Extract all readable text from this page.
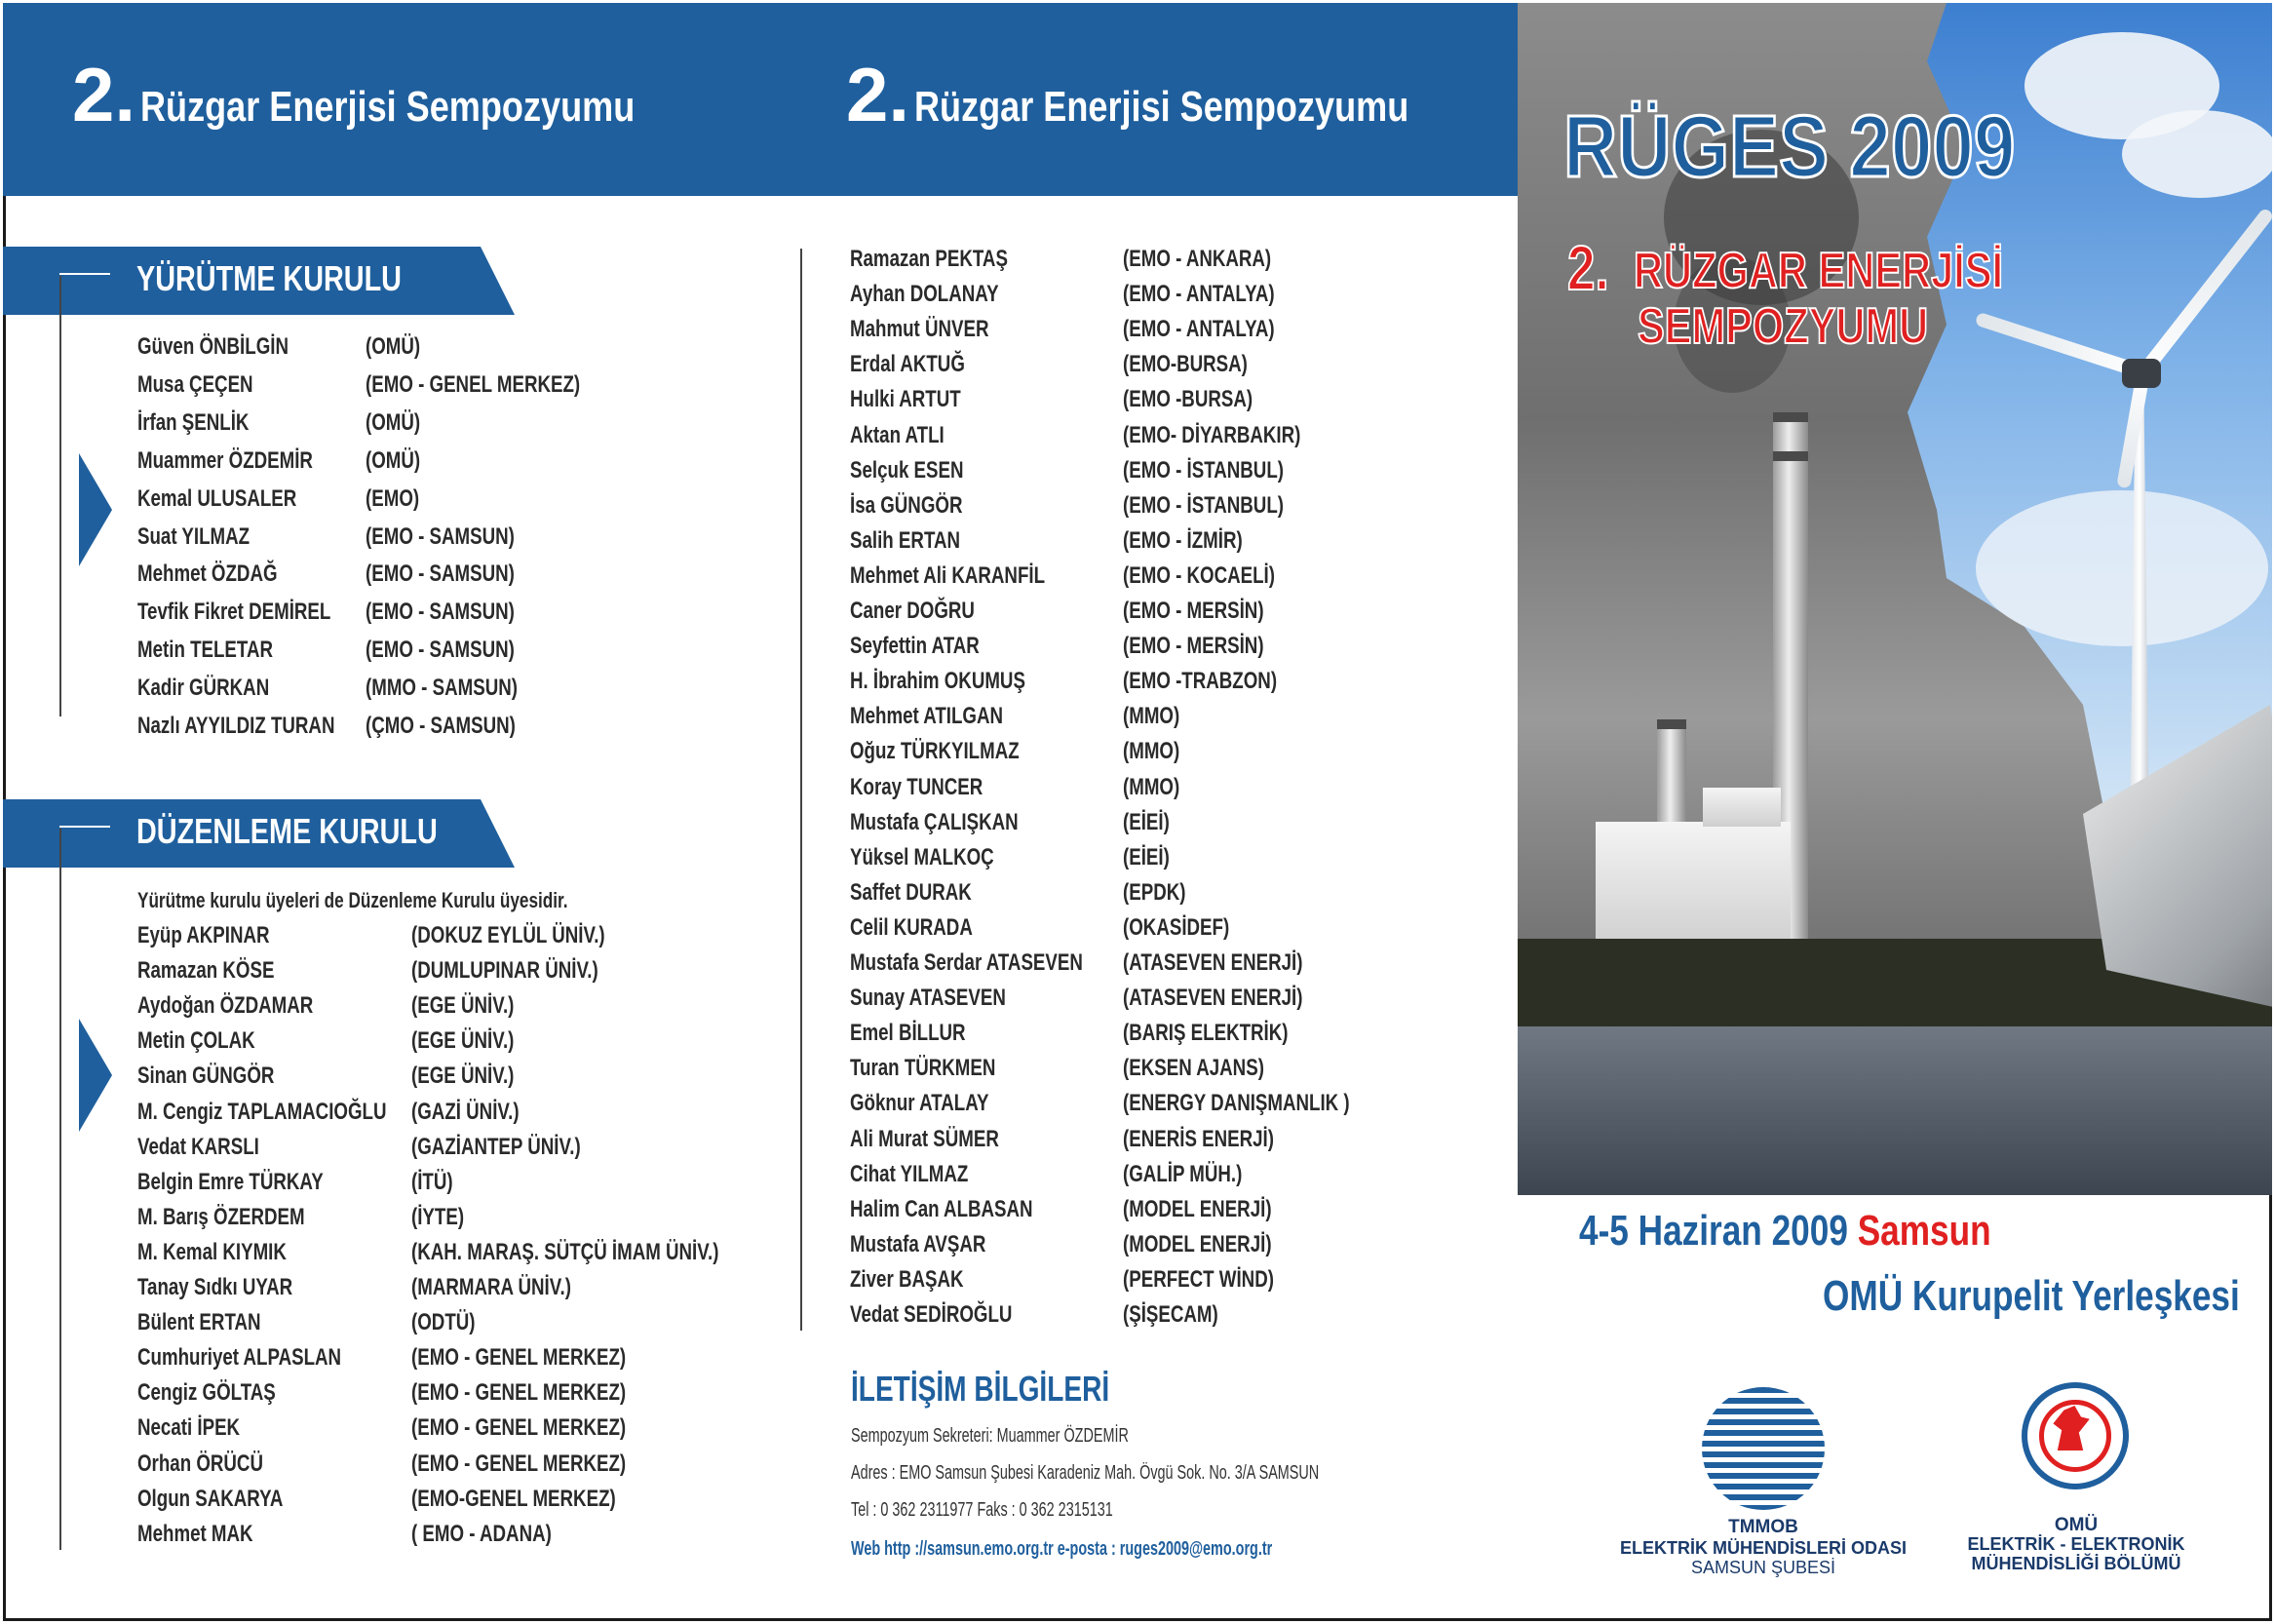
2. Rüzgar Enerjisi Sempozyumu	2. Rüzgar Enerjisi Sempozyumu
YÜRÜTME KURULU
Güven ÖNBİLGİN	(OMÜ)
Musa ÇEÇEN	(EMO - GENEL MERKEZ)
İrfan ŞENLİK	(OMÜ)
Muammer ÖZDEMİR (OMÜ)
Kemal ULUSALER	(EMO)
Suat YILMAZ	(EMO - SAMSUN)
Mehmet ÖZDAĞ	(EMO - SAMSUN)
Tevfik Fikret DEMİREL (EMO - SAMSUN)
Metin TELETAR	(EMO - SAMSUN)
Kadir GÜRKAN	(MMO - SAMSUN)
Nazlı AYYILDIZ TURAN (ÇMO - SAMSUN)
DÜZENLEME KURULU
Yürütme kurulu üyeleri de Düzenleme Kurulu üyesidir.
Eyüp AKPINAR	(DOKUZ EYLÜL ÜNİV.)
Ramazan KÖSE	(DUMLUPINAR ÜNİV.)
Aydoğan ÖZDAMAR	(EGE ÜNİV.)
Metin ÇOLAK	(EGE ÜNİV.)
Sinan GÜNGÖR	(EGE ÜNİV.)
M. Cengiz TAPLAMACIOĞLU (GAZİ ÜNİV.)
Vedat KARSLI	(GAZİANTEP ÜNİV.)
Belgin Emre TÜRKAY	(İTÜ)
M. Barış ÖZERDEM	(İYTE)
M. Kemal KIYMIK	(KAH. MARAŞ. SÜTÇÜ İMAM ÜNİV.)
Tanay Sıdkı UYAR	(MARMARA ÜNİV.)
Bülent ERTAN	(ODTÜ)
Cumhuriyet ALPASLAN	(EMO - GENEL MERKEZ)
Cengiz GÖLTAŞ	(EMO - GENEL MERKEZ)
Necati İPEK	(EMO - GENEL MERKEZ)
Orhan ÖRÜCÜ	(EMO - GENEL MERKEZ)
Olgun SAKARYA	(EMO-GENEL MERKEZ)
Mehmet MAK	( EMO - ADANA)
Ramazan PEKTAŞ	(EMO - ANKARA)
Ayhan DOLANAY	(EMO - ANTALYA)
Mahmut ÜNVER	(EMO - ANTALYA)
Erdal AKTUĞ	(EMO-BURSA)
Hulki ARTUT	(EMO -BURSA)
Aktan ATLI	(EMO- DİYARBAKIR)
Selçuk ESEN	(EMO - İSTANBUL)
İsa GÜNGÖR	(EMO - İSTANBUL)
Salih ERTAN	(EMO - İZMİR)
Mehmet Ali KARANFİL	(EMO - KOCAELİ)
Caner DOĞRU	(EMO - MERSİN)
Seyfettin ATAR	(EMO - MERSİN)
H. İbrahim OKUMUŞ	(EMO -TRABZON)
Mehmet ATILGAN	(MMO)
Oğuz TÜRKYILMAZ	(MMO)
Koray TUNCER	(MMO)
Mustafa ÇALIŞKAN	(EİEİ)
Yüksel MALKOÇ	(EİEİ)
Saffet DURAK	(EPDK)
Celil KURADA	(OKASİDEF)
Mustafa Serdar ATASEVEN (ATASEVEN ENERJİ)
Sunay ATASEVEN	(ATASEVEN ENERJİ)
Emel BİLLUR	(BARIŞ ELEKTRİK)
Turan TÜRKMEN	(EKSEN AJANS)
Göknur ATALAY	(ENERGY DANIŞMANLIK )
Ali Murat SÜMER	(ENERİS ENERJİ)
Cihat YILMAZ	(GALİP MÜH.)
Halim Can ALBASAN	(MODEL ENERJİ)
Mustafa AVŞAR	(MODEL ENERJİ)
Ziver BAŞAK	(PERFECT WİND)
Vedat SEDİROĞLU	(ŞİŞECAM)
İLETİŞİM BİLGİLERİ
Sempozyum Sekreteri: Muammer ÖZDEMİR
Adres : EMO Samsun Şubesi Karadeniz Mah. Övgü Sok. No. 3/A SAMSUN
Tel : 0 362 2311977 Faks : 0 362 2315131
Web http ://samsun.emo.org.tr e-posta : ruges2009@emo.org.tr
RÜGES 2009
2. RÜZGAR ENERJİSİ
SEMPOZYUMU
4-5 Haziran 2009 Samsun
OMÜ Kurupelit Yerleşkesi
TMMOB
ELEKTRİK MÜHENDİSLERİ ODASI
SAMSUN ŞUBESİ
OMÜ
ELEKTRİK - ELEKTRONİK
MÜHENDİSLİĞİ BÖLÜMÜ
